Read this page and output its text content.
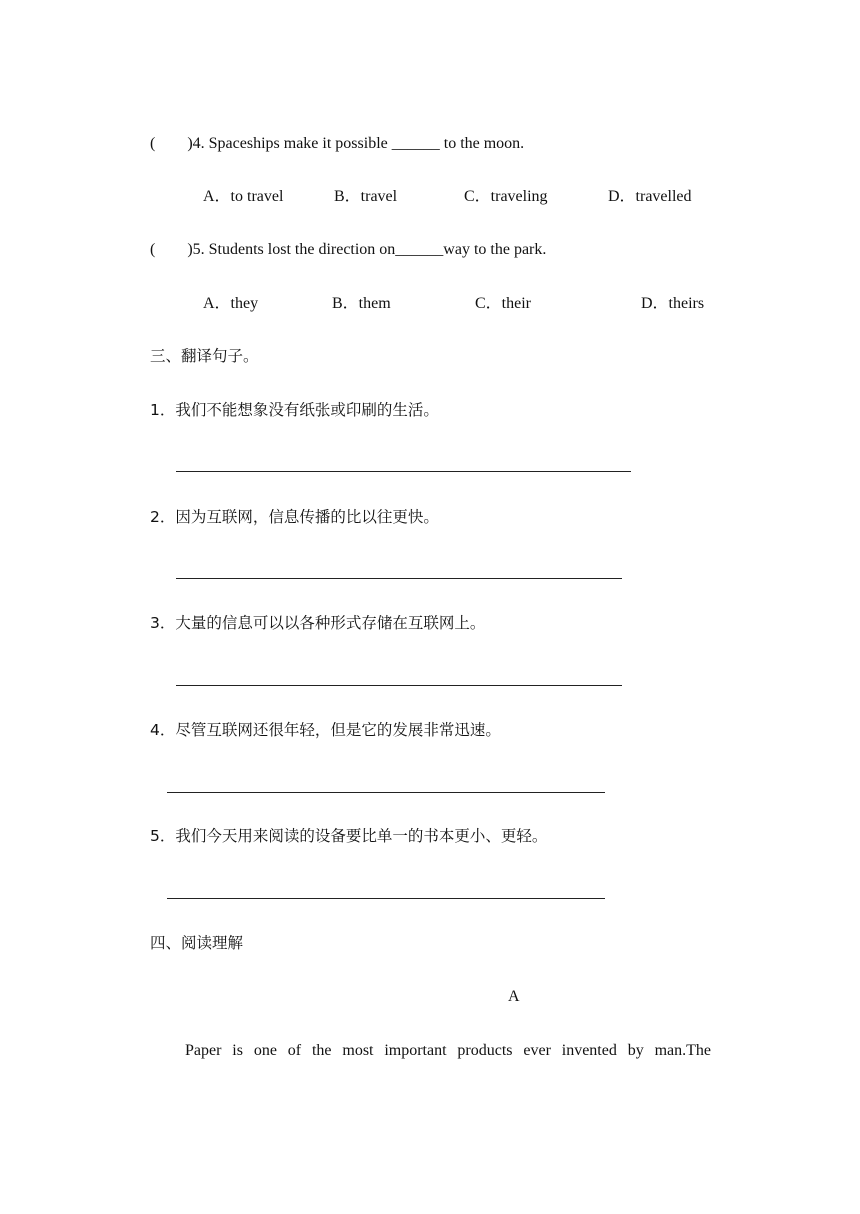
(        )4. Spaceships make it possible ______ to the moon.
A．to travel	B．travel	C．traveling	D．travelled
(        )5. Students lost the direction on______way to the park.
A．they	B．them	C．their	D．theirs
三、翻译句子。
1．我们不能想象没有纸张或印刷的生活。
2．因为互联网，信息传播的比以往更快。
3．大量的信息可以以各种形式存储在互联网上。
4．尽管互联网还很年轻，但是它的发展非常迅速。
5．我们今天用来阅读的设备要比单一的书本更小、更轻。
四、阅读理解
A
Paper is one of the most important products ever invented by man.The
